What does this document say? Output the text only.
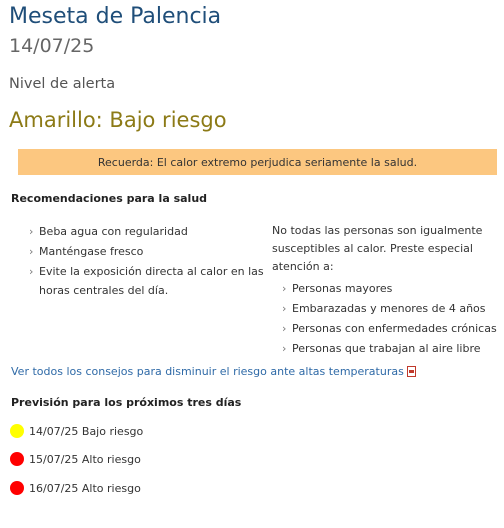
Meseta de Palencia
14/07/25
Nivel de alerta
Amarillo: Bajo riesgo
Recuerda: El calor extremo perjudica seriamente la salud.
Recomendaciones para la salud
› Beba agua con regularidad
› Manténgase fresco
› Evite la exposición directa al calor en las horas centrales del día.
No todas las personas son igualmente susceptibles al calor. Preste especial atención a:
› Personas mayores
› Embarazadas y menores de 4 años
› Personas con enfermedades crónicas
› Personas que trabajan al aire libre
Ver todos los consejos para disminuir el riesgo ante altas temperaturas
Previsión para los próximos tres días
14/07/25 Bajo riesgo
15/07/25 Alto riesgo
16/07/25 Alto riesgo
